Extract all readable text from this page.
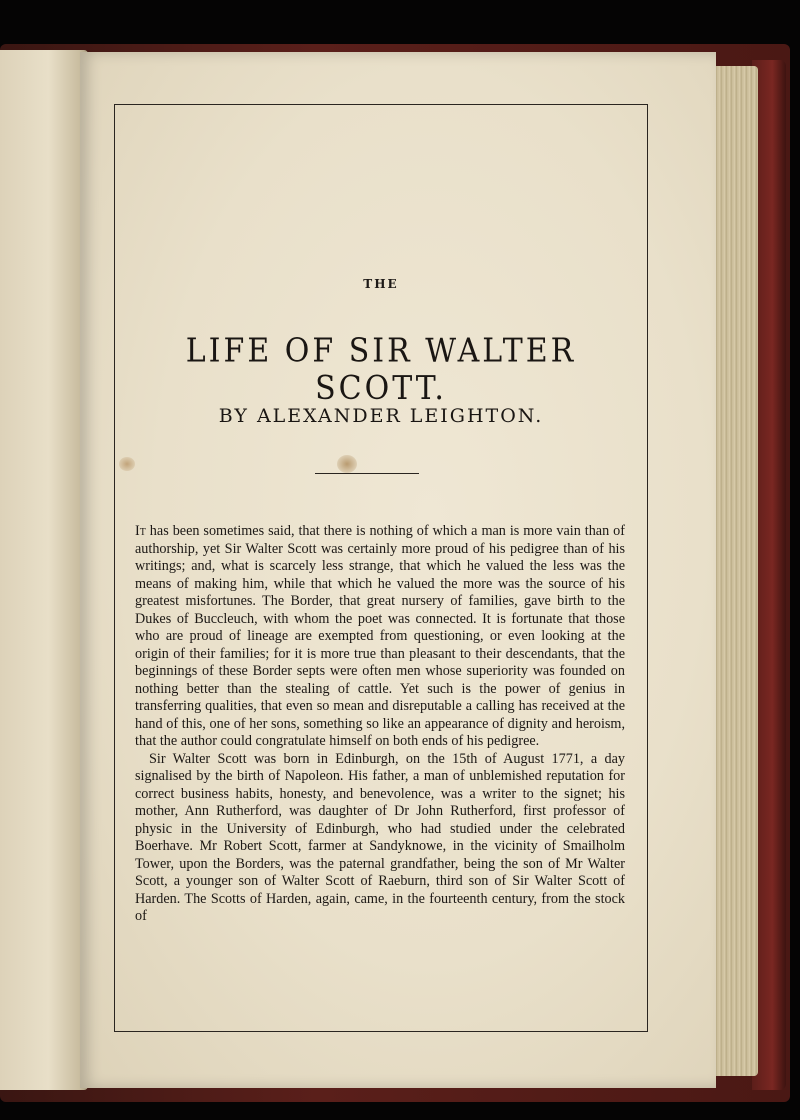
THE
LIFE OF SIR WALTER SCOTT.
BY ALEXANDER LEIGHTON.

It has been sometimes said, that there is nothing of which a man is more vain than of authorship, yet Sir Walter Scott was certainly more proud of his pedigree than of his writings; and, what is scarcely less strange, that which he valued the less was the means of making him, while that which he valued the more was the source of his greatest misfortunes. The Border, that great nursery of families, gave birth to the Dukes of Buccleuch, with whom the poet was connected. It is fortunate that those who are proud of lineage are exempted from questioning, or even looking at the origin of their families; for it is more true than pleasant to their descendants, that the beginnings of these Border septs were often men whose superiority was founded on nothing better than the stealing of cattle. Yet such is the power of genius in transferring qualities, that even so mean and disreputable a calling has received at the hand of this, one of her sons, something so like an appearance of dignity and heroism, that the author could congratulate himself on both ends of his pedigree.

Sir Walter Scott was born in Edinburgh, on the 15th of August 1771, a day signalised by the birth of Napoleon. His father, a man of unblemished reputation for correct business habits, honesty, and benevolence, was a writer to the signet; his mother, Ann Rutherford, was daughter of Dr John Rutherford, first professor of physic in the University of Edinburgh, who had studied under the celebrated Boerhave. Mr Robert Scott, farmer at Sandyknowe, in the vicinity of Smailholm Tower, upon the Borders, was the paternal grandfather, being the son of Mr Walter Scott, a younger son of Walter Scott of Raeburn, third son of Sir Walter Scott of Harden. The Scotts of Harden, again, came, in the fourteenth century, from the stock of
